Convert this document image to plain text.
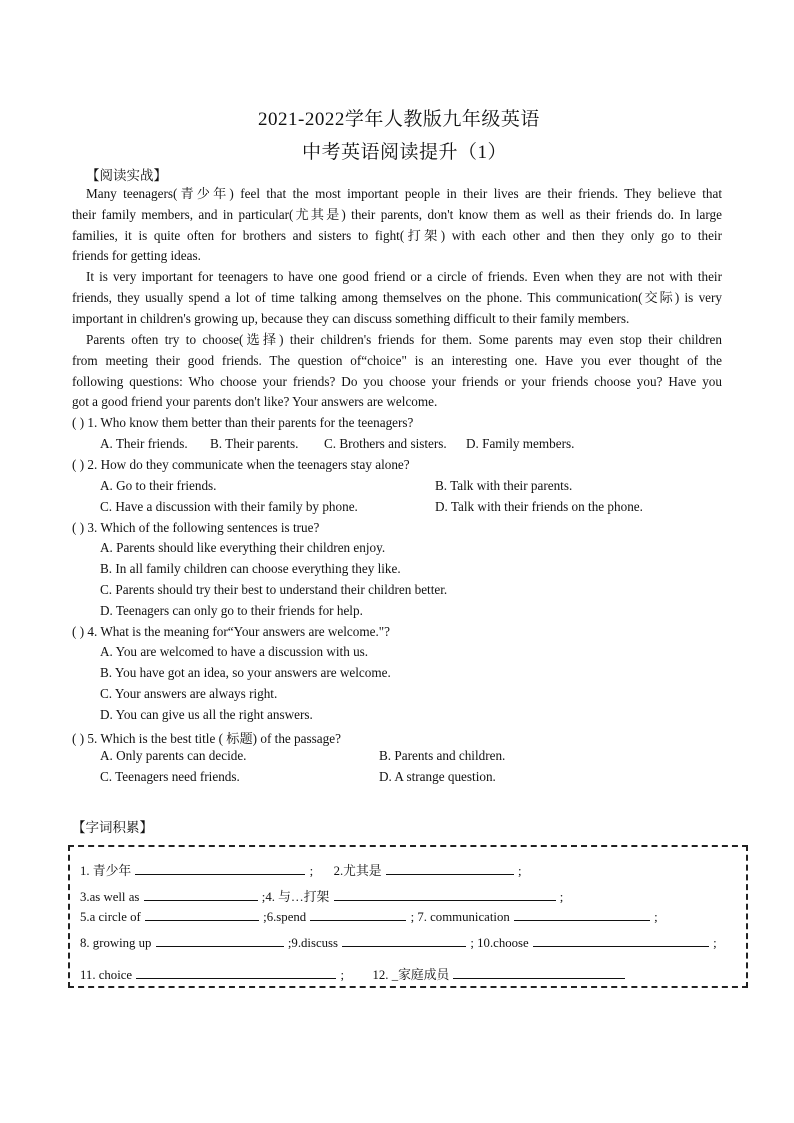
2021-2022学年人教版九年级英语
中考英语阅读提升（1）
【阅读实战】
Many teenagers(青少年) feel that the most important people in their lives are their friends. They believe that
their family members, and in particular(尤其是) their parents, don't know them as well as their friends do. In large
families, it is quite often for brothers and sisters to fight(打架) with each other and then they only go to their
friends for getting ideas.
It is very important for teenagers to have one good friend or a circle of friends. Even when they are not with their
friends, they usually spend a lot of time talking among themselves on the phone. This communication(交际) is very
important in children's growing up, because they can discuss something difficult to their family members.
Parents often try to choose(选择) their children's friends for them. Some parents may even stop their children
from meeting their good friends. The question of“choice" is an interesting one. Have you ever thought of the
following questions: Who choose your friends? Do you choose your friends or your friends choose you? Have you
got a good friend your parents don't like? Your answers are welcome.
( ) 1. Who know them better than their parents for the teenagers?
A. Their friends. B. Their parents. C. Brothers and sisters. D. Family members.
( ) 2. How do they communicate when the teenagers stay alone?
A. Go to their friends.	B. Talk with their parents.
C. Have a discussion with their family by phone.	D. Talk with their friends on the phone.
( ) 3. Which of the following sentences is true?
A. Parents should like everything their children enjoy.
B. In all family children can choose everything they like.
C. Parents should try their best to understand their children better.
D. Teenagers can only go to their friends for help.
( ) 4. What is the meaning for“Your answers are welcome."?
A. You are welcomed to have a discussion with us.
B. You have got an idea, so your answers are welcome.
C. Your answers are always right.
D. You can give us all the right answers.
( ) 5. Which is the best title ( 标题) of the passage?
A. Only parents can decide.	B. Parents and children.
C. Teenagers need friends.	D. A strange question.
【字词积累】
1. 青少年	; 2.尤其是	;
3.as well as	;4. 与…打架	;
5.a circle of	;6.spend	; 7. communication	;
8. growing up	;9.discuss	; 10.choose	;
11. choice	; 12. _家庭成员
